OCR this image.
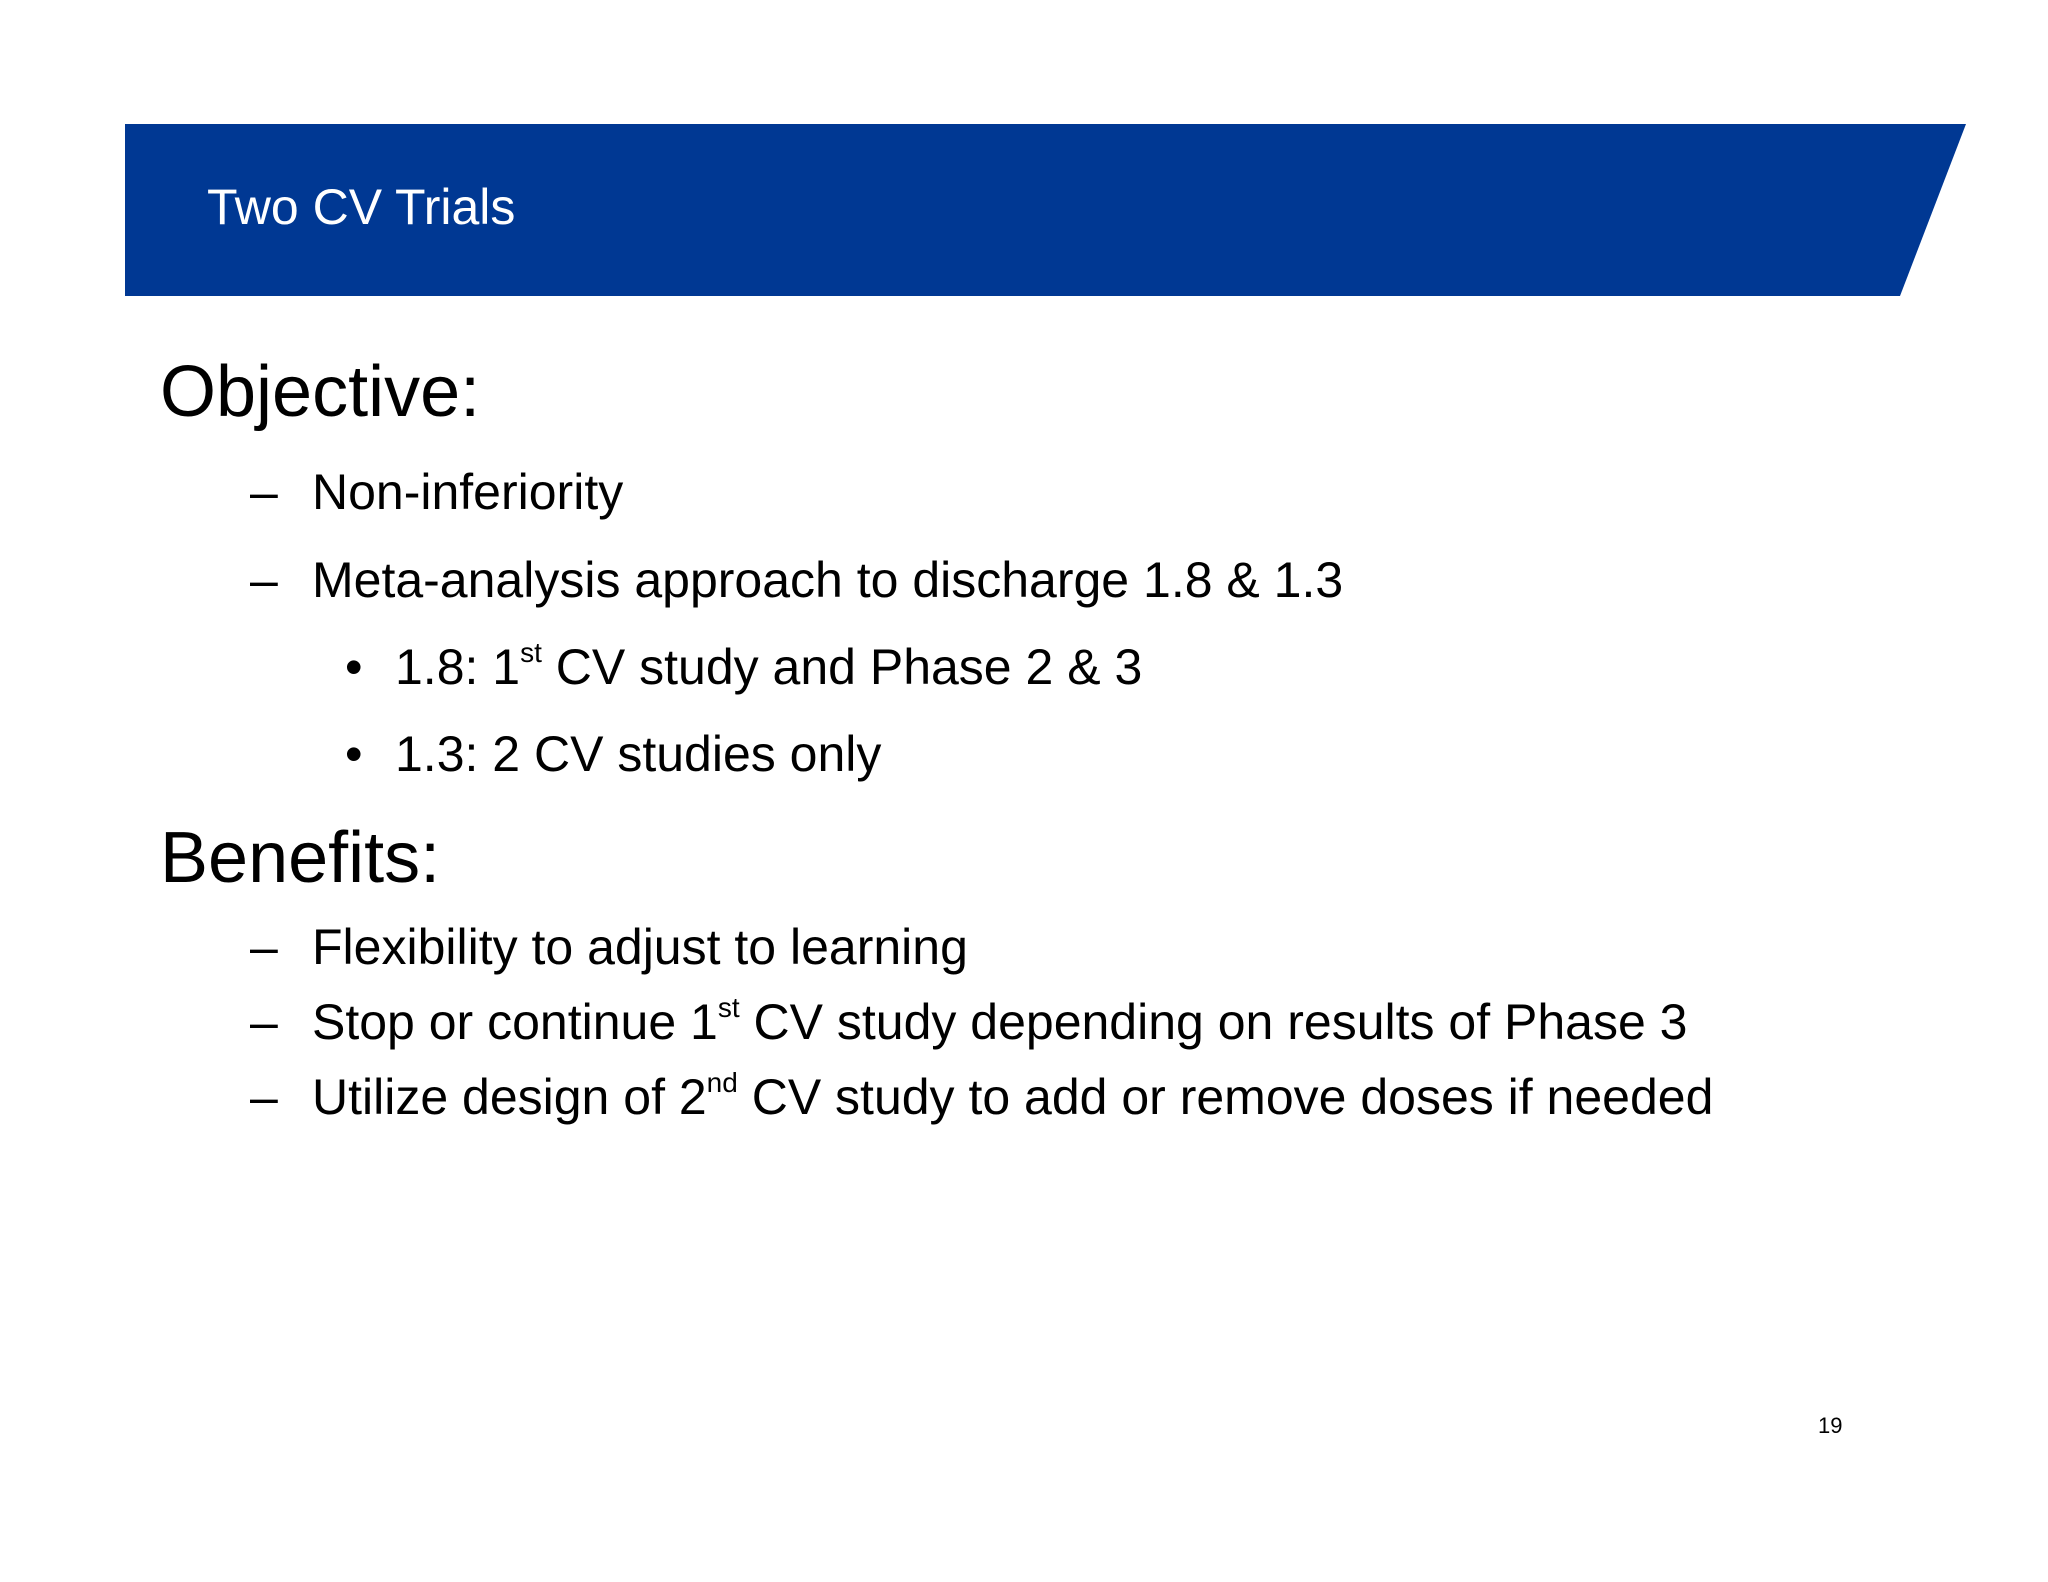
Two CV Trials
Objective:
– Non-inferiority
– Meta-analysis approach to discharge 1.8 & 1.3
• 1.8: 1st CV study and Phase 2 & 3
• 1.3: 2 CV studies only
Benefits:
– Flexibility to adjust to learning
– Stop or continue 1st CV study depending on results of Phase 3
– Utilize design of 2nd CV study to add or remove doses if needed
19
